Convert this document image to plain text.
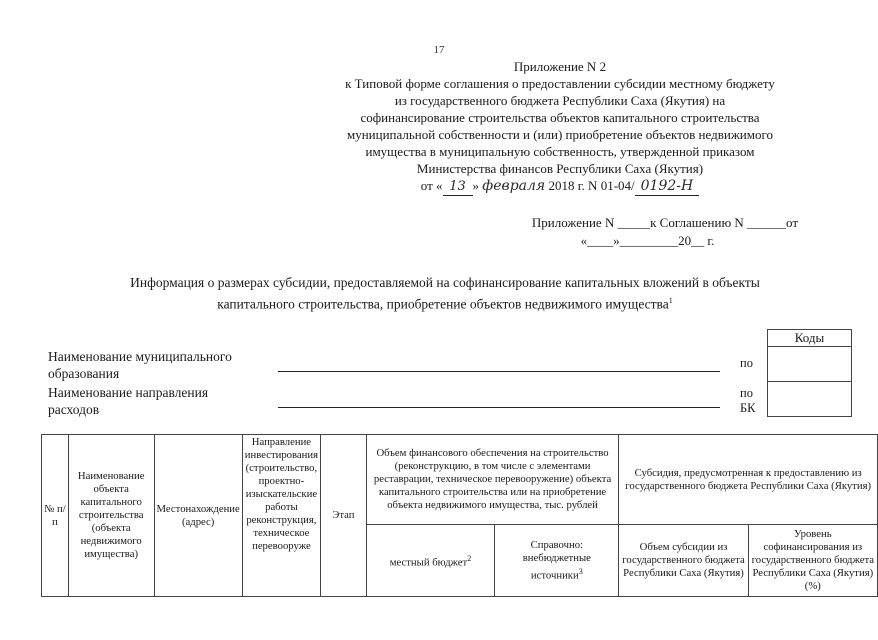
17
Приложение N 2
к Типовой форме соглашения о предоставлении субсидии местному бюджету
из государственного бюджета Республики Саха (Якутия) на
софинансирование строительства объектов капитального строительства
муниципальной собственности и (или) приобретение объектов недвижимого
имущества в муниципальную собственность, утвержденной приказом
Министерства финансов Республики Саха (Якутия)
от « 13 » февраля 2018 г. N 01-04/ 0192-Н
Приложение N _____к Соглашению N ______от
«____»_________20__ г.
Информация о размерах субсидии, предоставляемой на софинансирование капитальных вложений в объекты
капитального строительства, приобретение объектов недвижимого имущества$^1$
Наименование муниципального
образования
Наименование направления
расходов
по
по
БК
Коды

№ п/ п	Наименование объекта капитального строительства (объекта недвижимого имущества)	Местонахождение (адрес)	Направление инвестирования (строительство, проектно-изыскательские работы реконструкция, техническое перевооруже	Этап	Объем финансового обеспечения на строительство (реконструкцию, в том числе с элементами реставрации, техническое перевооружение) объекта капитального строительства или на приобретение объекта недвижимого имущества, тыс. рублей		Субсидия, предусмотренная к предоставлению из государственного бюджета Республики Саха (Якутия)	
					местный бюджет$^2$	Справочно: внебюджетные источники$^3$	Объем субсидии из государственного бюджета Республики Саха (Якутия)	Уровень софинансирования из государственного бюджета Республики Саха (Якутия) (%)
